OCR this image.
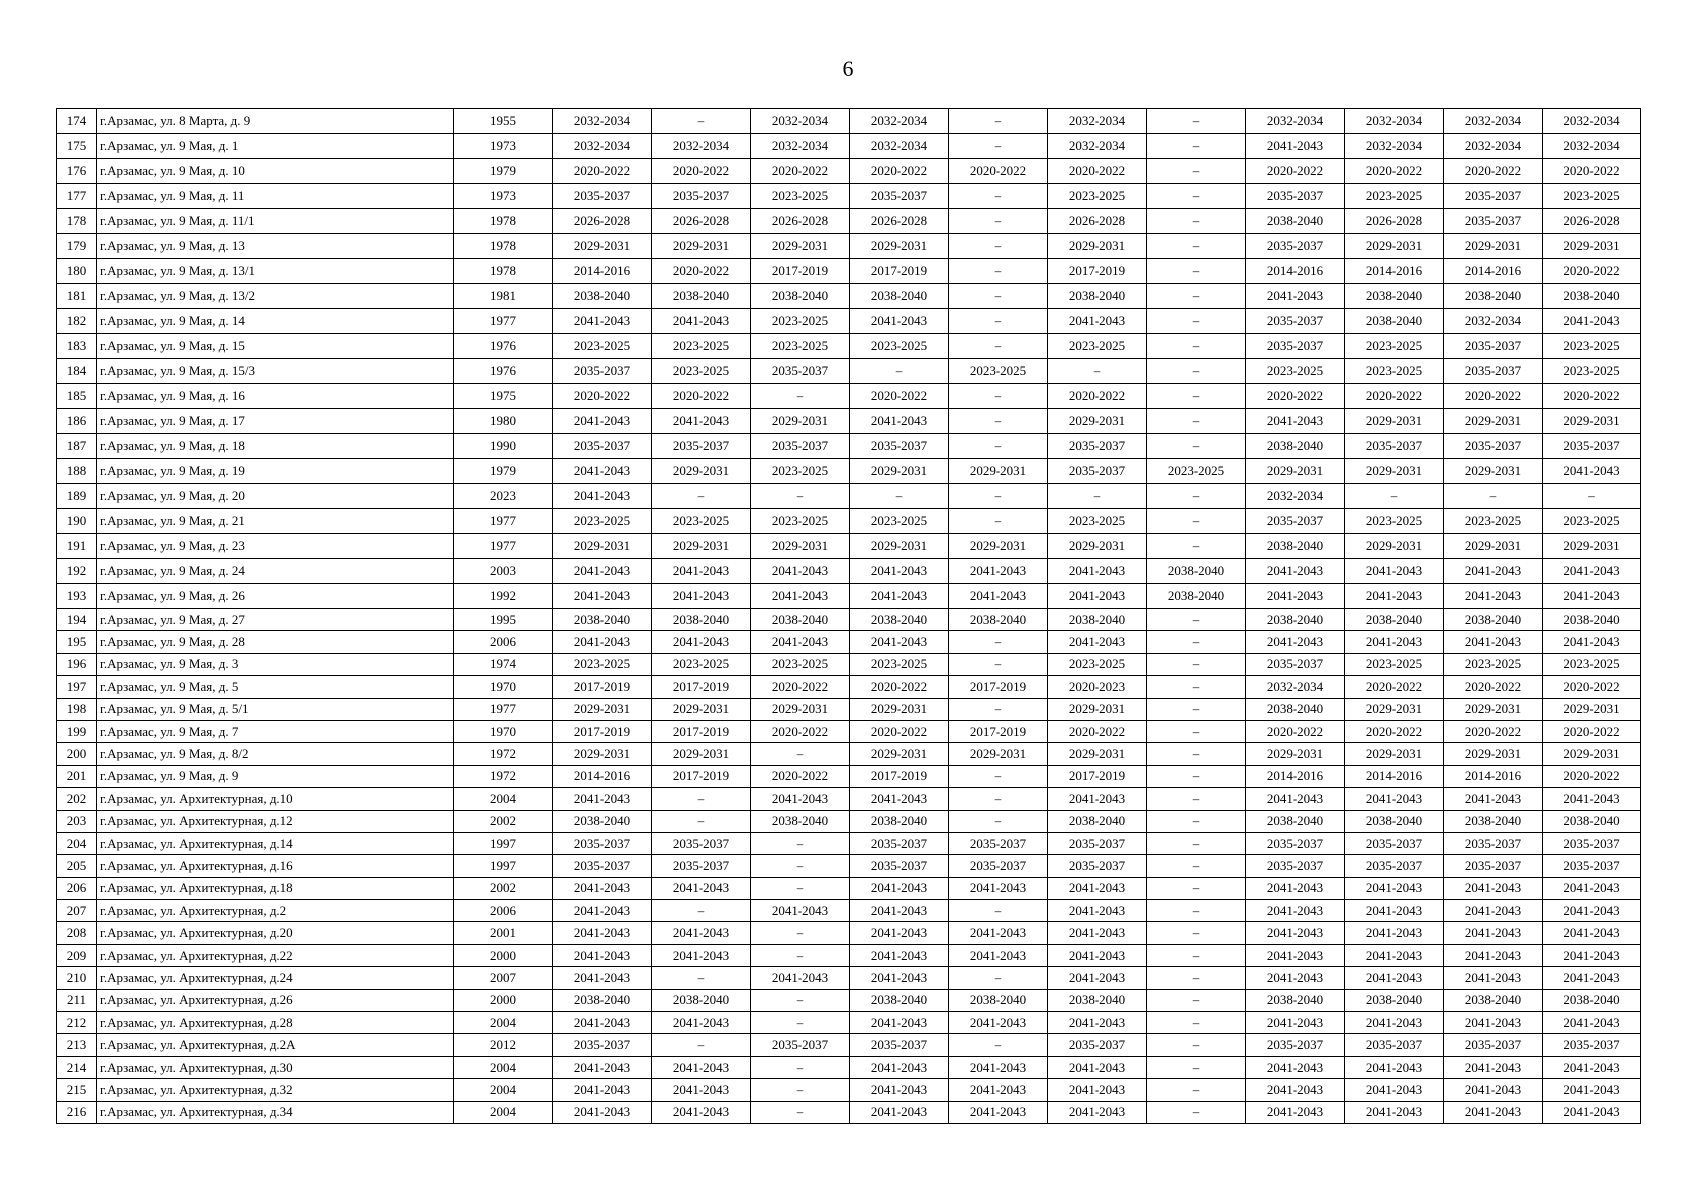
6
174	г.Арзамас, ул. 8 Марта, д. 9	1955	2032-2034	–	2032-2034	2032-2034	–	2032-2034	–	2032-2034	2032-2034	2032-2034	2032-2034
175	г.Арзамас, ул. 9 Мая, д. 1	1973	2032-2034	2032-2034	2032-2034	2032-2034	–	2032-2034	–	2041-2043	2032-2034	2032-2034	2032-2034
176	г.Арзамас, ул. 9 Мая, д. 10	1979	2020-2022	2020-2022	2020-2022	2020-2022	2020-2022	2020-2022	–	2020-2022	2020-2022	2020-2022	2020-2022
177	г.Арзамас, ул. 9 Мая, д. 11	1973	2035-2037	2035-2037	2023-2025	2035-2037	–	2023-2025	–	2035-2037	2023-2025	2035-2037	2023-2025
178	г.Арзамас, ул. 9 Мая, д. 11/1	1978	2026-2028	2026-2028	2026-2028	2026-2028	–	2026-2028	–	2038-2040	2026-2028	2035-2037	2026-2028
179	г.Арзамас, ул. 9 Мая, д. 13	1978	2029-2031	2029-2031	2029-2031	2029-2031	–	2029-2031	–	2035-2037	2029-2031	2029-2031	2029-2031
180	г.Арзамас, ул. 9 Мая, д. 13/1	1978	2014-2016	2020-2022	2017-2019	2017-2019	–	2017-2019	–	2014-2016	2014-2016	2014-2016	2020-2022
181	г.Арзамас, ул. 9 Мая, д. 13/2	1981	2038-2040	2038-2040	2038-2040	2038-2040	–	2038-2040	–	2041-2043	2038-2040	2038-2040	2038-2040
182	г.Арзамас, ул. 9 Мая, д. 14	1977	2041-2043	2041-2043	2023-2025	2041-2043	–	2041-2043	–	2035-2037	2038-2040	2032-2034	2041-2043
183	г.Арзамас, ул. 9 Мая, д. 15	1976	2023-2025	2023-2025	2023-2025	2023-2025	–	2023-2025	–	2035-2037	2023-2025	2035-2037	2023-2025
184	г.Арзамас, ул. 9 Мая, д. 15/3	1976	2035-2037	2023-2025	2035-2037	–	2023-2025	–	–	2023-2025	2023-2025	2035-2037	2023-2025
185	г.Арзамас, ул. 9 Мая, д. 16	1975	2020-2022	2020-2022	–	2020-2022	–	2020-2022	–	2020-2022	2020-2022	2020-2022	2020-2022
186	г.Арзамас, ул. 9 Мая, д. 17	1980	2041-2043	2041-2043	2029-2031	2041-2043	–	2029-2031	–	2041-2043	2029-2031	2029-2031	2029-2031
187	г.Арзамас, ул. 9 Мая, д. 18	1990	2035-2037	2035-2037	2035-2037	2035-2037	–	2035-2037	–	2038-2040	2035-2037	2035-2037	2035-2037
188	г.Арзамас, ул. 9 Мая, д. 19	1979	2041-2043	2029-2031	2023-2025	2029-2031	2029-2031	2035-2037	2023-2025	2029-2031	2029-2031	2029-2031	2041-2043
189	г.Арзамас, ул. 9 Мая, д. 20	2023	2041-2043	–	–	–	–	–	–	2032-2034	–	–	–
190	г.Арзамас, ул. 9 Мая, д. 21	1977	2023-2025	2023-2025	2023-2025	2023-2025	–	2023-2025	–	2035-2037	2023-2025	2023-2025	2023-2025
191	г.Арзамас, ул. 9 Мая, д. 23	1977	2029-2031	2029-2031	2029-2031	2029-2031	2029-2031	2029-2031	–	2038-2040	2029-2031	2029-2031	2029-2031
192	г.Арзамас, ул. 9 Мая, д. 24	2003	2041-2043	2041-2043	2041-2043	2041-2043	2041-2043	2041-2043	2038-2040	2041-2043	2041-2043	2041-2043	2041-2043
193	г.Арзамас, ул. 9 Мая, д. 26	1992	2041-2043	2041-2043	2041-2043	2041-2043	2041-2043	2041-2043	2038-2040	2041-2043	2041-2043	2041-2043	2041-2043
194	г.Арзамас, ул. 9 Мая, д. 27	1995	2038-2040	2038-2040	2038-2040	2038-2040	2038-2040	2038-2040	–	2038-2040	2038-2040	2038-2040	2038-2040
195	г.Арзамас, ул. 9 Мая, д. 28	2006	2041-2043	2041-2043	2041-2043	2041-2043	–	2041-2043	–	2041-2043	2041-2043	2041-2043	2041-2043
196	г.Арзамас, ул. 9 Мая, д. 3	1974	2023-2025	2023-2025	2023-2025	2023-2025	–	2023-2025	–	2035-2037	2023-2025	2023-2025	2023-2025
197	г.Арзамас, ул. 9 Мая, д. 5	1970	2017-2019	2017-2019	2020-2022	2020-2022	2017-2019	2020-2023	–	2032-2034	2020-2022	2020-2022	2020-2022
198	г.Арзамас, ул. 9 Мая, д. 5/1	1977	2029-2031	2029-2031	2029-2031	2029-2031	–	2029-2031	–	2038-2040	2029-2031	2029-2031	2029-2031
199	г.Арзамас, ул. 9 Мая, д. 7	1970	2017-2019	2017-2019	2020-2022	2020-2022	2017-2019	2020-2022	–	2020-2022	2020-2022	2020-2022	2020-2022
200	г.Арзамас, ул. 9 Мая, д. 8/2	1972	2029-2031	2029-2031	–	2029-2031	2029-2031	2029-2031	–	2029-2031	2029-2031	2029-2031	2029-2031
201	г.Арзамас, ул. 9 Мая, д. 9	1972	2014-2016	2017-2019	2020-2022	2017-2019	–	2017-2019	–	2014-2016	2014-2016	2014-2016	2020-2022
202	г.Арзамас, ул. Архитектурная, д.10	2004	2041-2043	–	2041-2043	2041-2043	–	2041-2043	–	2041-2043	2041-2043	2041-2043	2041-2043
203	г.Арзамас, ул. Архитектурная, д.12	2002	2038-2040	–	2038-2040	2038-2040	–	2038-2040	–	2038-2040	2038-2040	2038-2040	2038-2040
204	г.Арзамас, ул. Архитектурная, д.14	1997	2035-2037	2035-2037	–	2035-2037	2035-2037	2035-2037	–	2035-2037	2035-2037	2035-2037	2035-2037
205	г.Арзамас, ул. Архитектурная, д.16	1997	2035-2037	2035-2037	–	2035-2037	2035-2037	2035-2037	–	2035-2037	2035-2037	2035-2037	2035-2037
206	г.Арзамас, ул. Архитектурная, д.18	2002	2041-2043	2041-2043	–	2041-2043	2041-2043	2041-2043	–	2041-2043	2041-2043	2041-2043	2041-2043
207	г.Арзамас, ул. Архитектурная, д.2	2006	2041-2043	–	2041-2043	2041-2043	–	2041-2043	–	2041-2043	2041-2043	2041-2043	2041-2043
208	г.Арзамас, ул. Архитектурная, д.20	2001	2041-2043	2041-2043	–	2041-2043	2041-2043	2041-2043	–	2041-2043	2041-2043	2041-2043	2041-2043
209	г.Арзамас, ул. Архитектурная, д.22	2000	2041-2043	2041-2043	–	2041-2043	2041-2043	2041-2043	–	2041-2043	2041-2043	2041-2043	2041-2043
210	г.Арзамас, ул. Архитектурная, д.24	2007	2041-2043	–	2041-2043	2041-2043	–	2041-2043	–	2041-2043	2041-2043	2041-2043	2041-2043
211	г.Арзамас, ул. Архитектурная, д.26	2000	2038-2040	2038-2040	–	2038-2040	2038-2040	2038-2040	–	2038-2040	2038-2040	2038-2040	2038-2040
212	г.Арзамас, ул. Архитектурная, д.28	2004	2041-2043	2041-2043	–	2041-2043	2041-2043	2041-2043	–	2041-2043	2041-2043	2041-2043	2041-2043
213	г.Арзамас, ул. Архитектурная, д.2А	2012	2035-2037	–	2035-2037	2035-2037	–	2035-2037	–	2035-2037	2035-2037	2035-2037	2035-2037
214	г.Арзамас, ул. Архитектурная, д.30	2004	2041-2043	2041-2043	–	2041-2043	2041-2043	2041-2043	–	2041-2043	2041-2043	2041-2043	2041-2043
215	г.Арзамас, ул. Архитектурная, д.32	2004	2041-2043	2041-2043	–	2041-2043	2041-2043	2041-2043	–	2041-2043	2041-2043	2041-2043	2041-2043
216	г.Арзамас, ул. Архитектурная, д.34	2004	2041-2043	2041-2043	–	2041-2043	2041-2043	2041-2043	–	2041-2043	2041-2043	2041-2043	2041-2043
